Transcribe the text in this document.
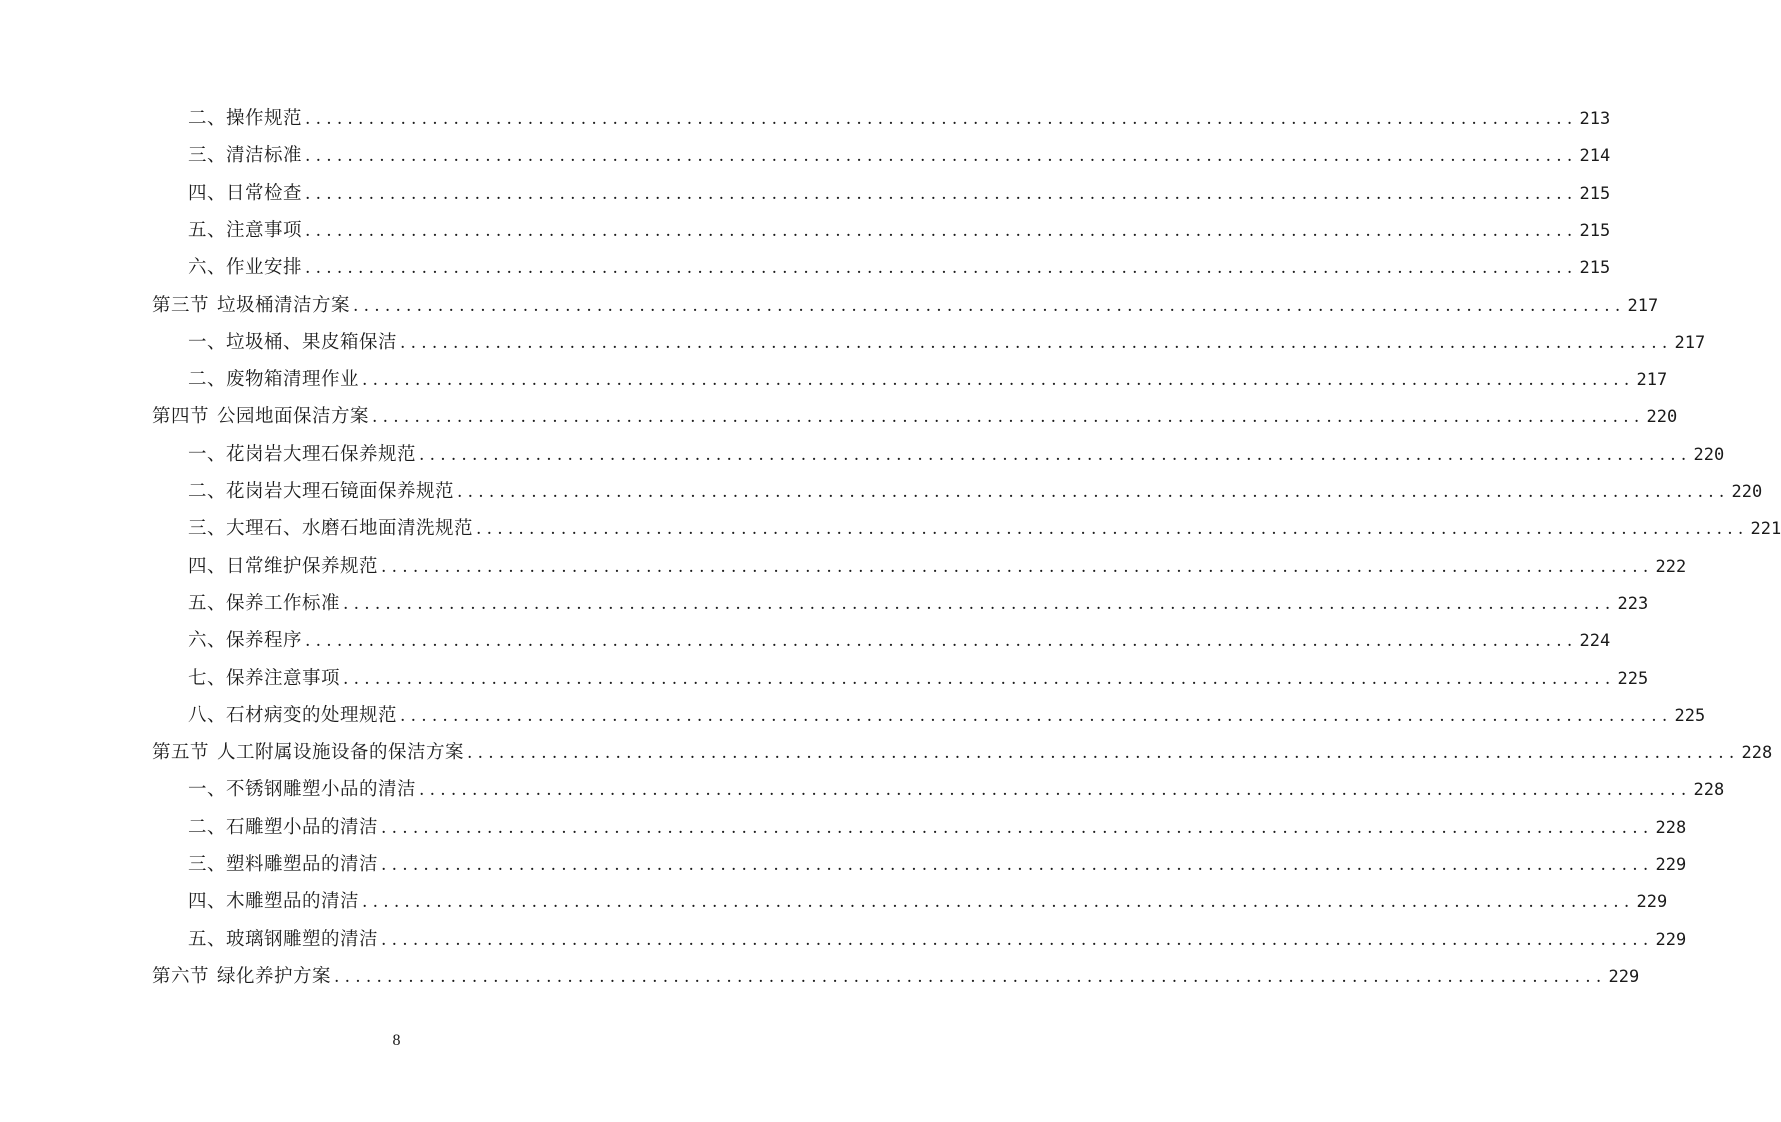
二、操作规范 ........................................................................................................................ 213
三、清洁标准 ........................................................................................................................ 214
四、日常检查 ........................................................................................................................ 215
五、注意事项 ........................................................................................................................ 215
六、作业安排 ........................................................................................................................ 215
第三节 垃圾桶清洁方案 ........................................................................................................................ 217
一、垃圾桶、果皮箱保洁 ........................................................................................................................ 217
二、废物箱清理作业 ........................................................................................................................ 217
第四节 公园地面保洁方案 ........................................................................................................................ 220
一、花岗岩大理石保养规范 ........................................................................................................................ 220
二、花岗岩大理石镜面保养规范 ........................................................................................................................ 220
三、大理石、水磨石地面清洗规范 ........................................................................................................................ 221
四、日常维护保养规范 ........................................................................................................................ 222
五、保养工作标准 ........................................................................................................................ 223
六、保养程序 ........................................................................................................................ 224
七、保养注意事项 ........................................................................................................................ 225
八、石材病变的处理规范 ........................................................................................................................ 225
第五节 人工附属设施设备的保洁方案 ........................................................................................................................ 228
一、不锈钢雕塑小品的清洁 ........................................................................................................................ 228
二、石雕塑小品的清洁 ........................................................................................................................ 228
三、塑料雕塑品的清洁 ........................................................................................................................ 229
四、木雕塑品的清洁 ........................................................................................................................ 229
五、玻璃钢雕塑的清洁 ........................................................................................................................ 229
第六节 绿化养护方案 ........................................................................................................................ 229
8
